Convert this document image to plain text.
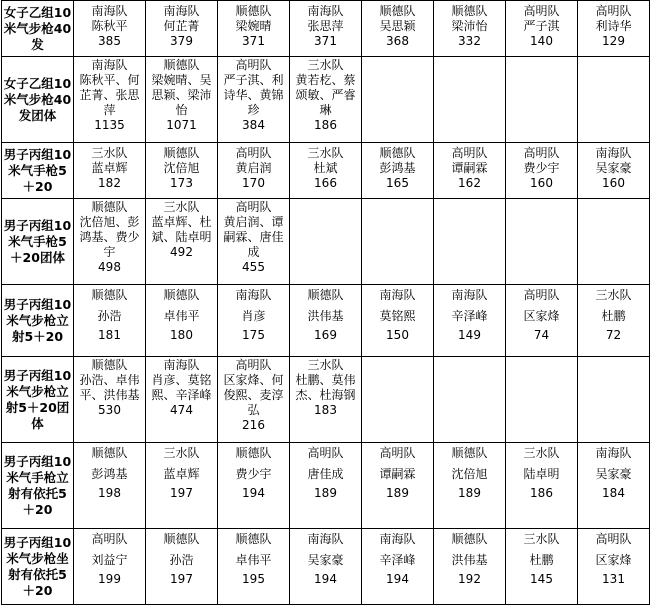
女子乙组10米气步枪40发	南海队
陈秋平
385	南海队
何芷菁
379	顺德队
梁婉晴
371	南海队
张思萍
371	顺德队
吴思颖
368	顺德队
梁沛怡
332	高明队
严子淇
140	高明队
利诗华
129

女子乙组10米气步枪40发团体	南海队
陈秋平、何芷菁、张思萍
1135	顺德队
梁婉晴、吴思颖、梁沛怡
1071	高明队
严子淇、利诗华、黄锦珍
384	三水队
黄若杚、蔡颂敏、严睿琳
186				

男子丙组10米气手枪5＋20	三水队
蓝卓辉
182	顺德队
沈倍旭
173	高明队
黄启润
170	三水队
杜斌
166	顺德队
彭鸿基
165	高明队
谭嗣霖
162	高明队
费少宇
160	南海队
吴家豪
160

男子丙组10米气手枪5＋20团体	顺德队
沈倍旭、彭鸿基、费少宇
498	三水队
蓝卓辉、杜斌、陆卓明
492	高明队
黄启润、谭嗣霖、唐佳成
455					

男子丙组10米气步枪立射5＋20	顺德队
孙浩
181	顺德队
卓伟平
180	南海队
肖彦
175	顺德队
洪伟基
169	南海队
莫铭熙
150	南海队
辛泽峰
149	高明队
区家烽
74	三水队
杜鹏
72

男子丙组10米气步枪立射5＋20团体	顺德队
孙浩、卓伟平、洪伟基
530	南海队
肖彦、莫铭熙、辛泽峰
474	高明队
区家烽、何俊熙、麦淳弘
216	三水队
杜鹏、莫伟杰、杜海钢
183				

男子丙组10米气手枪立射有依托5＋20	顺德队
彭鸿基
198	三水队
蓝卓辉
197	顺德队
费少宇
194	高明队
唐佳成
189	高明队
谭嗣霖
189	顺德队
沈倍旭
189	三水队
陆卓明
186	南海队
吴家豪
184

男子丙组10米气步枪坐射有依托5＋20	高明队
刘益宁
199	顺德队
孙浩
197	顺德队
卓伟平
195	南海队
吴家豪
194	南海队
辛泽峰
194	顺德队
洪伟基
192	三水队
杜鹏
145	高明队
区家烽
131
